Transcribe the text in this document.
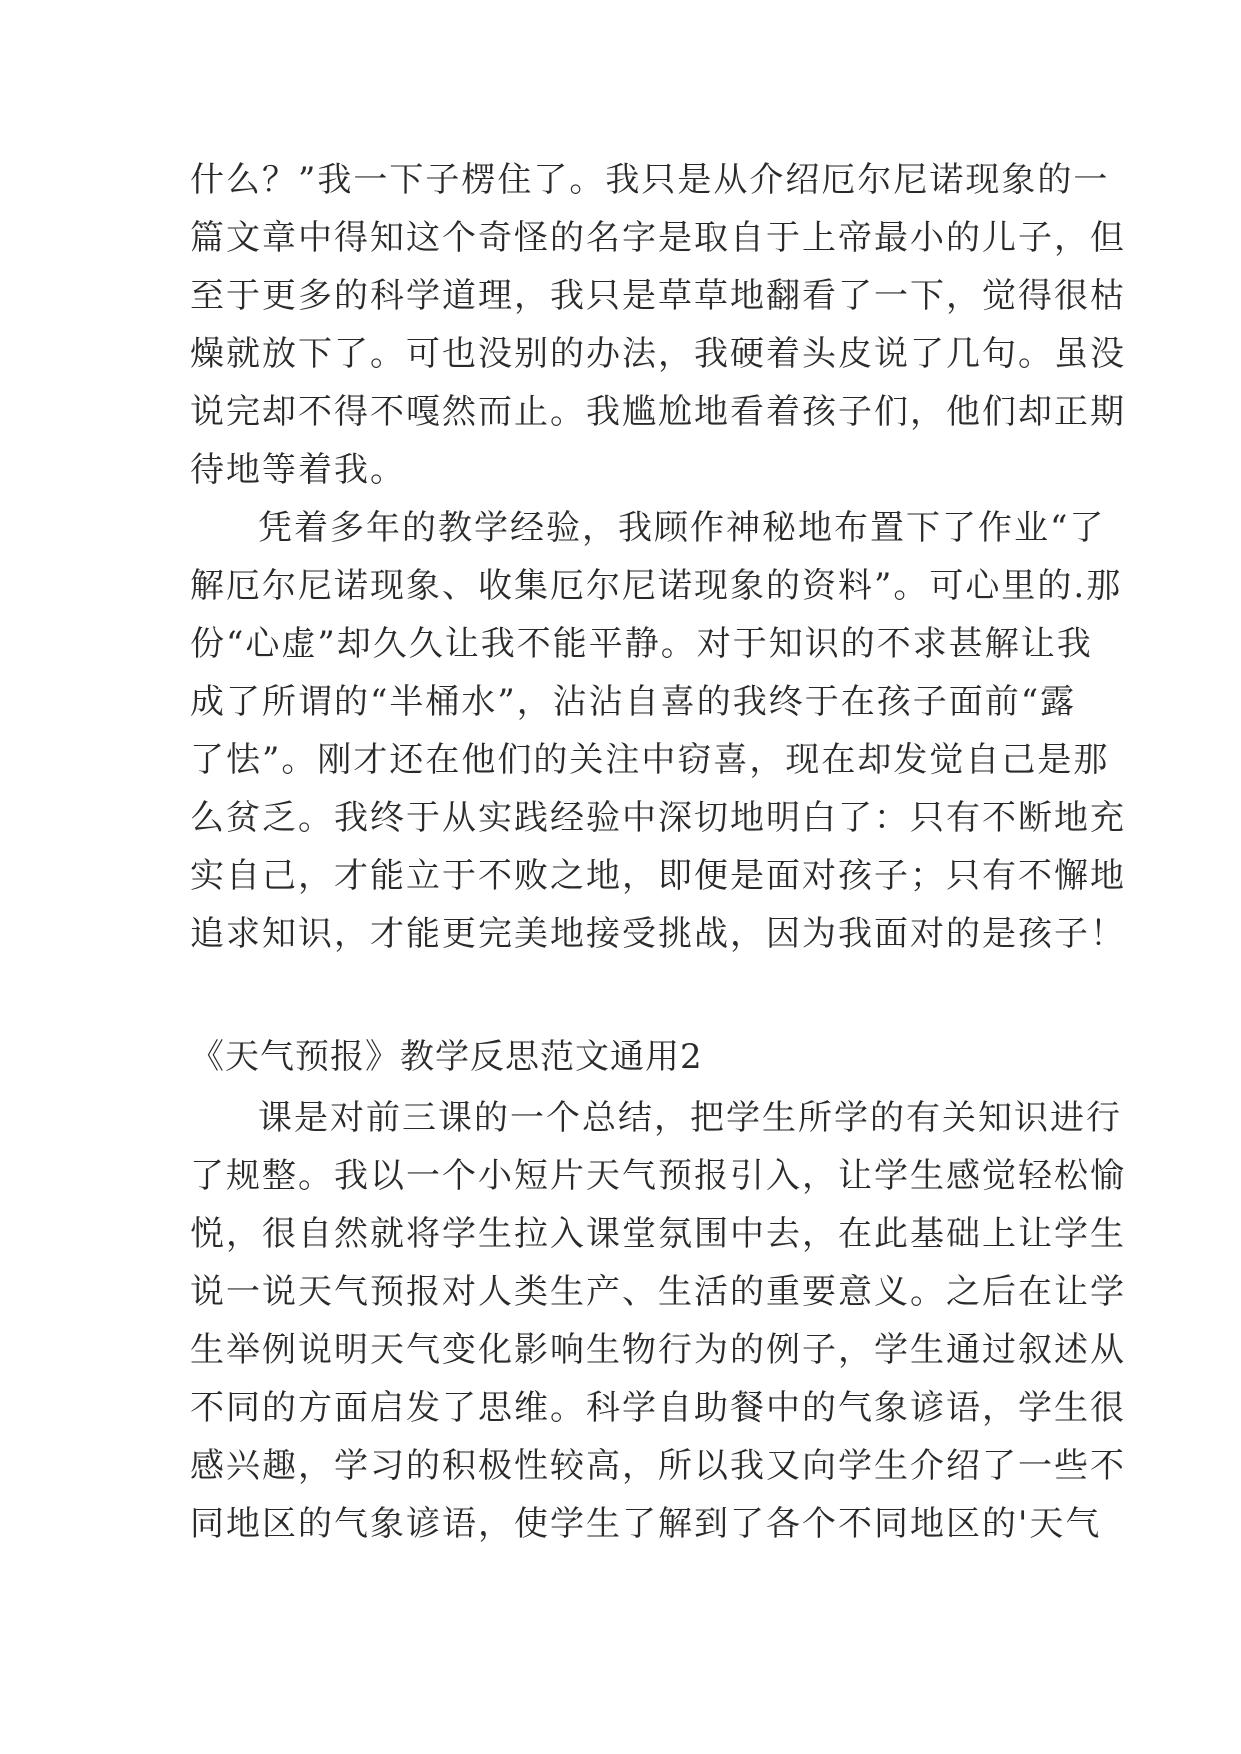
什么？”我一下子楞住了。我只是从介绍厄尔尼诺现象的一
篇文章中得知这个奇怪的名字是取自于上帝最小的儿子，但
至于更多的科学道理，我只是草草地翻看了一下，觉得很枯
燥就放下了。可也没别的办法，我硬着头皮说了几句。虽没
说完却不得不嘎然而止。我尴尬地看着孩子们，他们却正期
待地等着我。
凭着多年的教学经验，我顾作神秘地布置下了作业“了
解厄尔尼诺现象、收集厄尔尼诺现象的资料”。可心里的.那
份“心虚”却久久让我不能平静。对于知识的不求甚解让我
成了所谓的“半桶水”，沾沾自喜的我终于在孩子面前“露
了怯”。刚才还在他们的关注中窃喜，现在却发觉自己是那
么贫乏。我终于从实践经验中深切地明白了：只有不断地充
实自己，才能立于不败之地，即便是面对孩子；只有不懈地
追求知识，才能更完美地接受挑战，因为我面对的是孩子！
《天气预报》教学反思范文通用2
课是对前三课的一个总结，把学生所学的有关知识进行
了规整。我以一个小短片天气预报引入，让学生感觉轻松愉
悦，很自然就将学生拉入课堂氛围中去，在此基础上让学生
说一说天气预报对人类生产、生活的重要意义。之后在让学
生举例说明天气变化影响生物行为的例子，学生通过叙述从
不同的方面启发了思维。科学自助餐中的气象谚语，学生很
感兴趣，学习的积极性较高，所以我又向学生介绍了一些不
同地区的气象谚语，使学生了解到了各个不同地区的'天气
